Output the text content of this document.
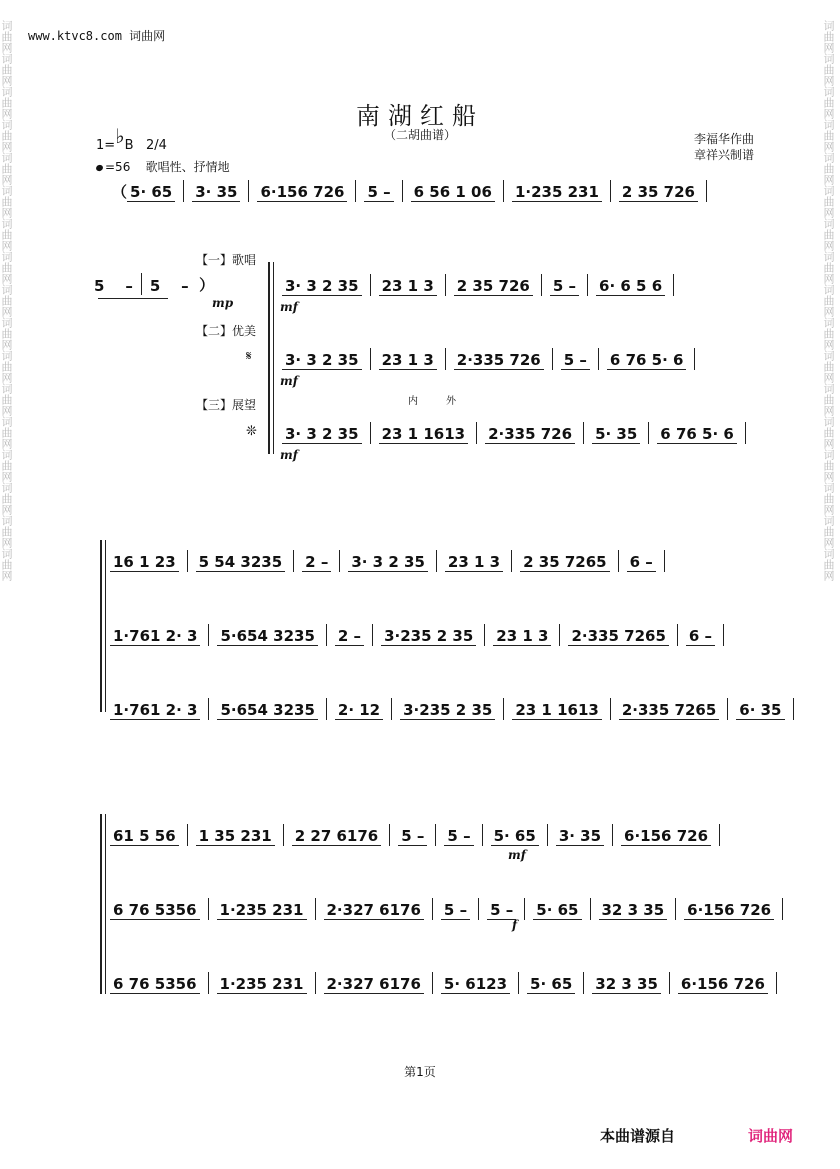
词曲网词曲网词曲网词曲网词曲网词曲网词曲网词曲网词曲网词曲网词曲网词曲网词曲网词曲网词曲网词曲网词曲网	词曲网词曲网词曲网词曲网词曲网词曲网词曲网词曲网词曲网词曲网词曲网词曲网词曲网词曲网词曲网词曲网词曲网
www.ktvc8.com 词曲网
南湖红船
（二胡曲谱）
1=♭B 2/4	李福华作曲
章祥兴制谱
=56 歌唱性、抒情地
（ 5· 65 3· 35 6·156 726 5 – 6 56 1 06 1·235 231 2 35 726
5
– 5
–
）
mp
【一】歌唱
【二】优美
𝄋
【三】展望
❊
3· 3 2 35 23 1 3 2 35 726 5 – 6· 6 5 6
mf
3· 3 2 35 23 1 3 2·335 726 5 – 6 76 5· 6
mf
3· 3 2 35 23 1 1613 2·335 726 5· 35 6 76 5· 6
mf
内	外
16 1 23 5 54 3235 2 – 3· 3 2 35 23 1 3 2 35 7265 6 –
1·761 2· 3 5·654 3235 2 – 3·235 2 35 23 1 3 2·335 7265 6 –
1·761 2· 3 5·654 3235 2· 12 3·235 2 35 23 1 1613 2·335 7265 6· 35
61 5 56 1 35 231 2 27 6176 5 – 5 – 5· 65 3· 35 6·156 726
mf
6 76 5356 1·235 231 2·327 6176 5 – 5 – 5· 65 32 3 35 6·156 726
f
6 76 5356 1·235 231 2·327 6176 5· 6123 5· 65 32 3 35 6·156 726
第1页
本曲谱源自	词曲网
